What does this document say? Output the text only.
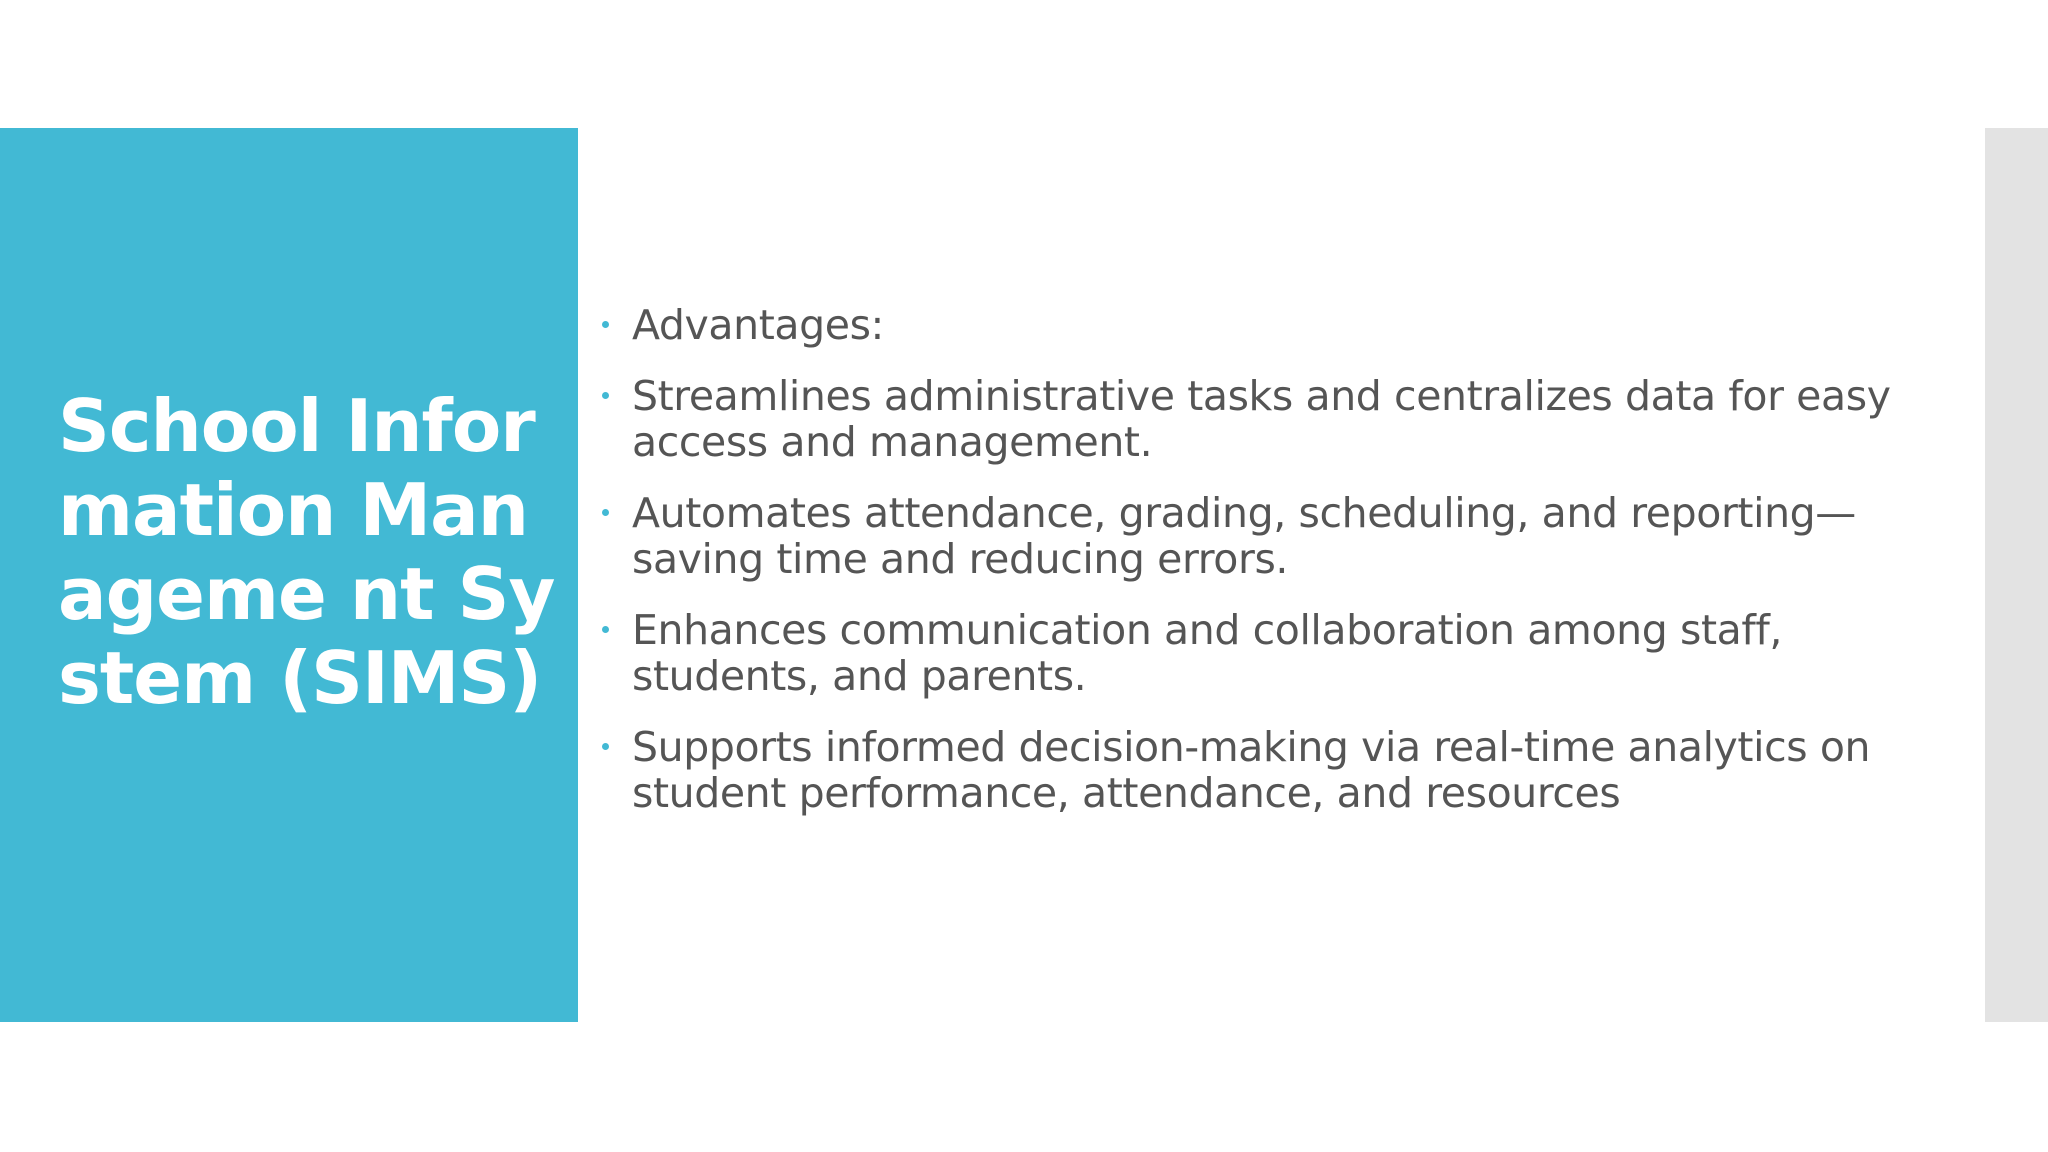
School Information Manageme nt System (SIMS)
Advantages:
Streamlines administrative tasks and centralizes data for easy access and management.
Automates attendance, grading, scheduling, and reporting—saving time and reducing errors.
Enhances communication and collaboration among staff, students, and parents.
Supports informed decision-making via real-time analytics on student performance, attendance, and resources
